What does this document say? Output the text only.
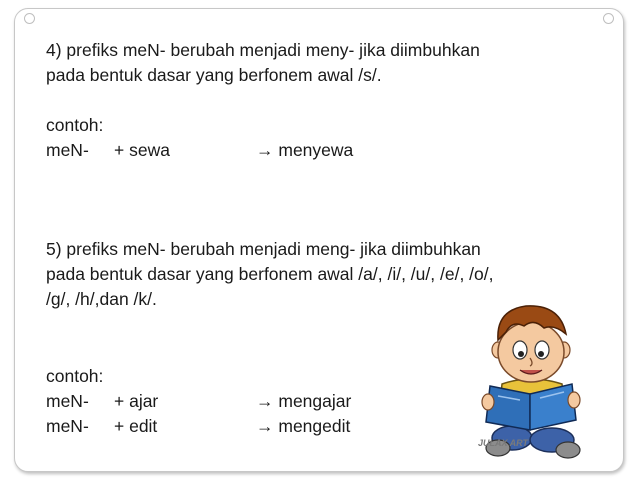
4) prefiks meN- berubah menjadi meny- jika diimbuhkan
pada bentuk dasar yang berfonem awal /s/.
contoh:
meN- + sewa	→ menyewa
5) prefiks meN- berubah menjadi meng- jika diimbuhkan
pada bentuk dasar yang berfonem awal /a/, /i/, /u/, /e/, /o/,
/g/, /h/,dan /k/.
contoh:
meN- + ajar	→ mengajar
meN- + edit	→ mengedit
JULAX ART
